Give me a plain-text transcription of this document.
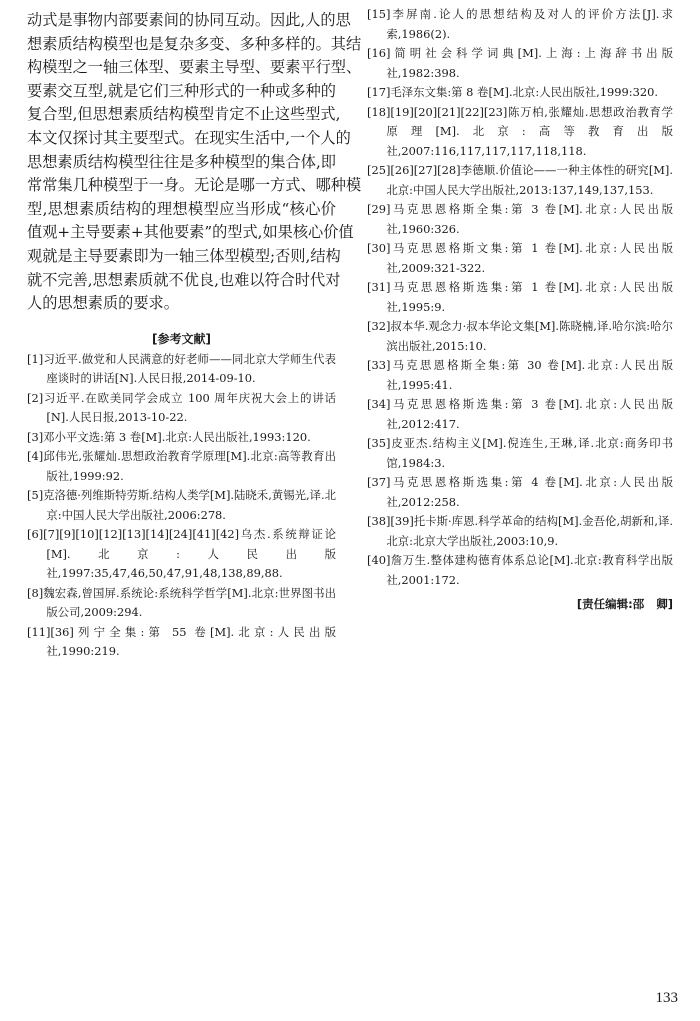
动式是事物内部要素间的协同互动。因此,人的思
想素质结构模型也是复杂多变、多种多样的。其结
构模型之一轴三体型、要素主导型、要素平行型、
要素交互型,就是它们三种形式的一种或多种的
复合型,但思想素质结构模型肯定不止这些型式,
本文仅探讨其主要型式。在现实生活中,一个人的
思想素质结构模型往往是多种模型的集合体,即
常常集几种模型于一身。无论是哪一方式、哪种模
型,思想素质结构的理想模型应当形成“核心价
值观+主导要素+其他要素”的型式,如果核心价值
观就是主导要素即为一轴三体型模型;否则,结构
就不完善,思想素质就不优良,也难以符合时代对
人的思想素质的要求。
[参考文献]
[1]习近平.做党和人民满意的好老师——同北京大学师生代表座谈时的讲话[N].人民日报,2014-09-10.
[2]习近平.在欧美同学会成立 100 周年庆祝大会上的讲话[N].人民日报,2013-10-22.
[3]邓小平文选:第 3 卷[M].北京:人民出版社,1993:120.
[4]邱伟光,张耀灿.思想政治教育学原理[M].北京:高等教育出版社,1999:92.
[5]克洛德·列维斯特劳斯.结构人类学[M].陆晓禾,黄锡光,译.北京:中国人民大学出版社,2006:278.
[6][7][9][10][12][13][14][24][41][42]乌杰.系统辩证论[M].北京:人民出版社,1997:35,47,46,50,47,91,48,138,89,88.
[8]魏宏森,曾国屏.系统论:系统科学哲学[M].北京:世界图书出版公司,2009:294.
[11][36]列宁全集:第 55 卷[M].北京:人民出版社,1990:219.
[15]李屏南.论人的思想结构及对人的评价方法[J].求索,1986(2).
[16]简明社会科学词典[M].上海:上海辞书出版社,1982:398.
[17]毛泽东文集:第 8 卷[M].北京:人民出版社,1999:320.
[18][19][20][21][22][23]陈万柏,张耀灿.思想政治教育学原理[M].北京:高等教育出版社,2007:116,117,117,117,118,118.
[25][26][27][28]李德顺.价值论——一种主体性的研究[M].北京:中国人民大学出版社,2013:137,149,137,153.
[29]马克思恩格斯全集:第 3 卷[M].北京:人民出版社,1960:326.
[30]马克思恩格斯文集:第 1 卷[M].北京:人民出版社,2009:321-322.
[31]马克思恩格斯选集:第 1 卷[M].北京:人民出版社,1995:9.
[32]叔本华.观念力·叔本华论文集[M].陈晓楠,译.哈尔滨:哈尔滨出版社,2015:10.
[33]马克思恩格斯全集:第 30 卷[M].北京:人民出版社,1995:41.
[34]马克思恩格斯选集:第 3 卷[M].北京:人民出版社,2012:417.
[35]皮亚杰.结构主义[M].倪连生,王琳,译.北京:商务印书馆,1984:3.
[37]马克思恩格斯选集:第 4 卷[M].北京:人民出版社,2012:258.
[38][39]托卡斯·库恩.科学革命的结构[M].金吾伦,胡新和,译.北京:北京大学出版社,2003:10,9.
[40]詹万生.整体建构德育体系总论[M].北京:教育科学出版社,2001:172.
[责任编辑:邵   卿]
133
